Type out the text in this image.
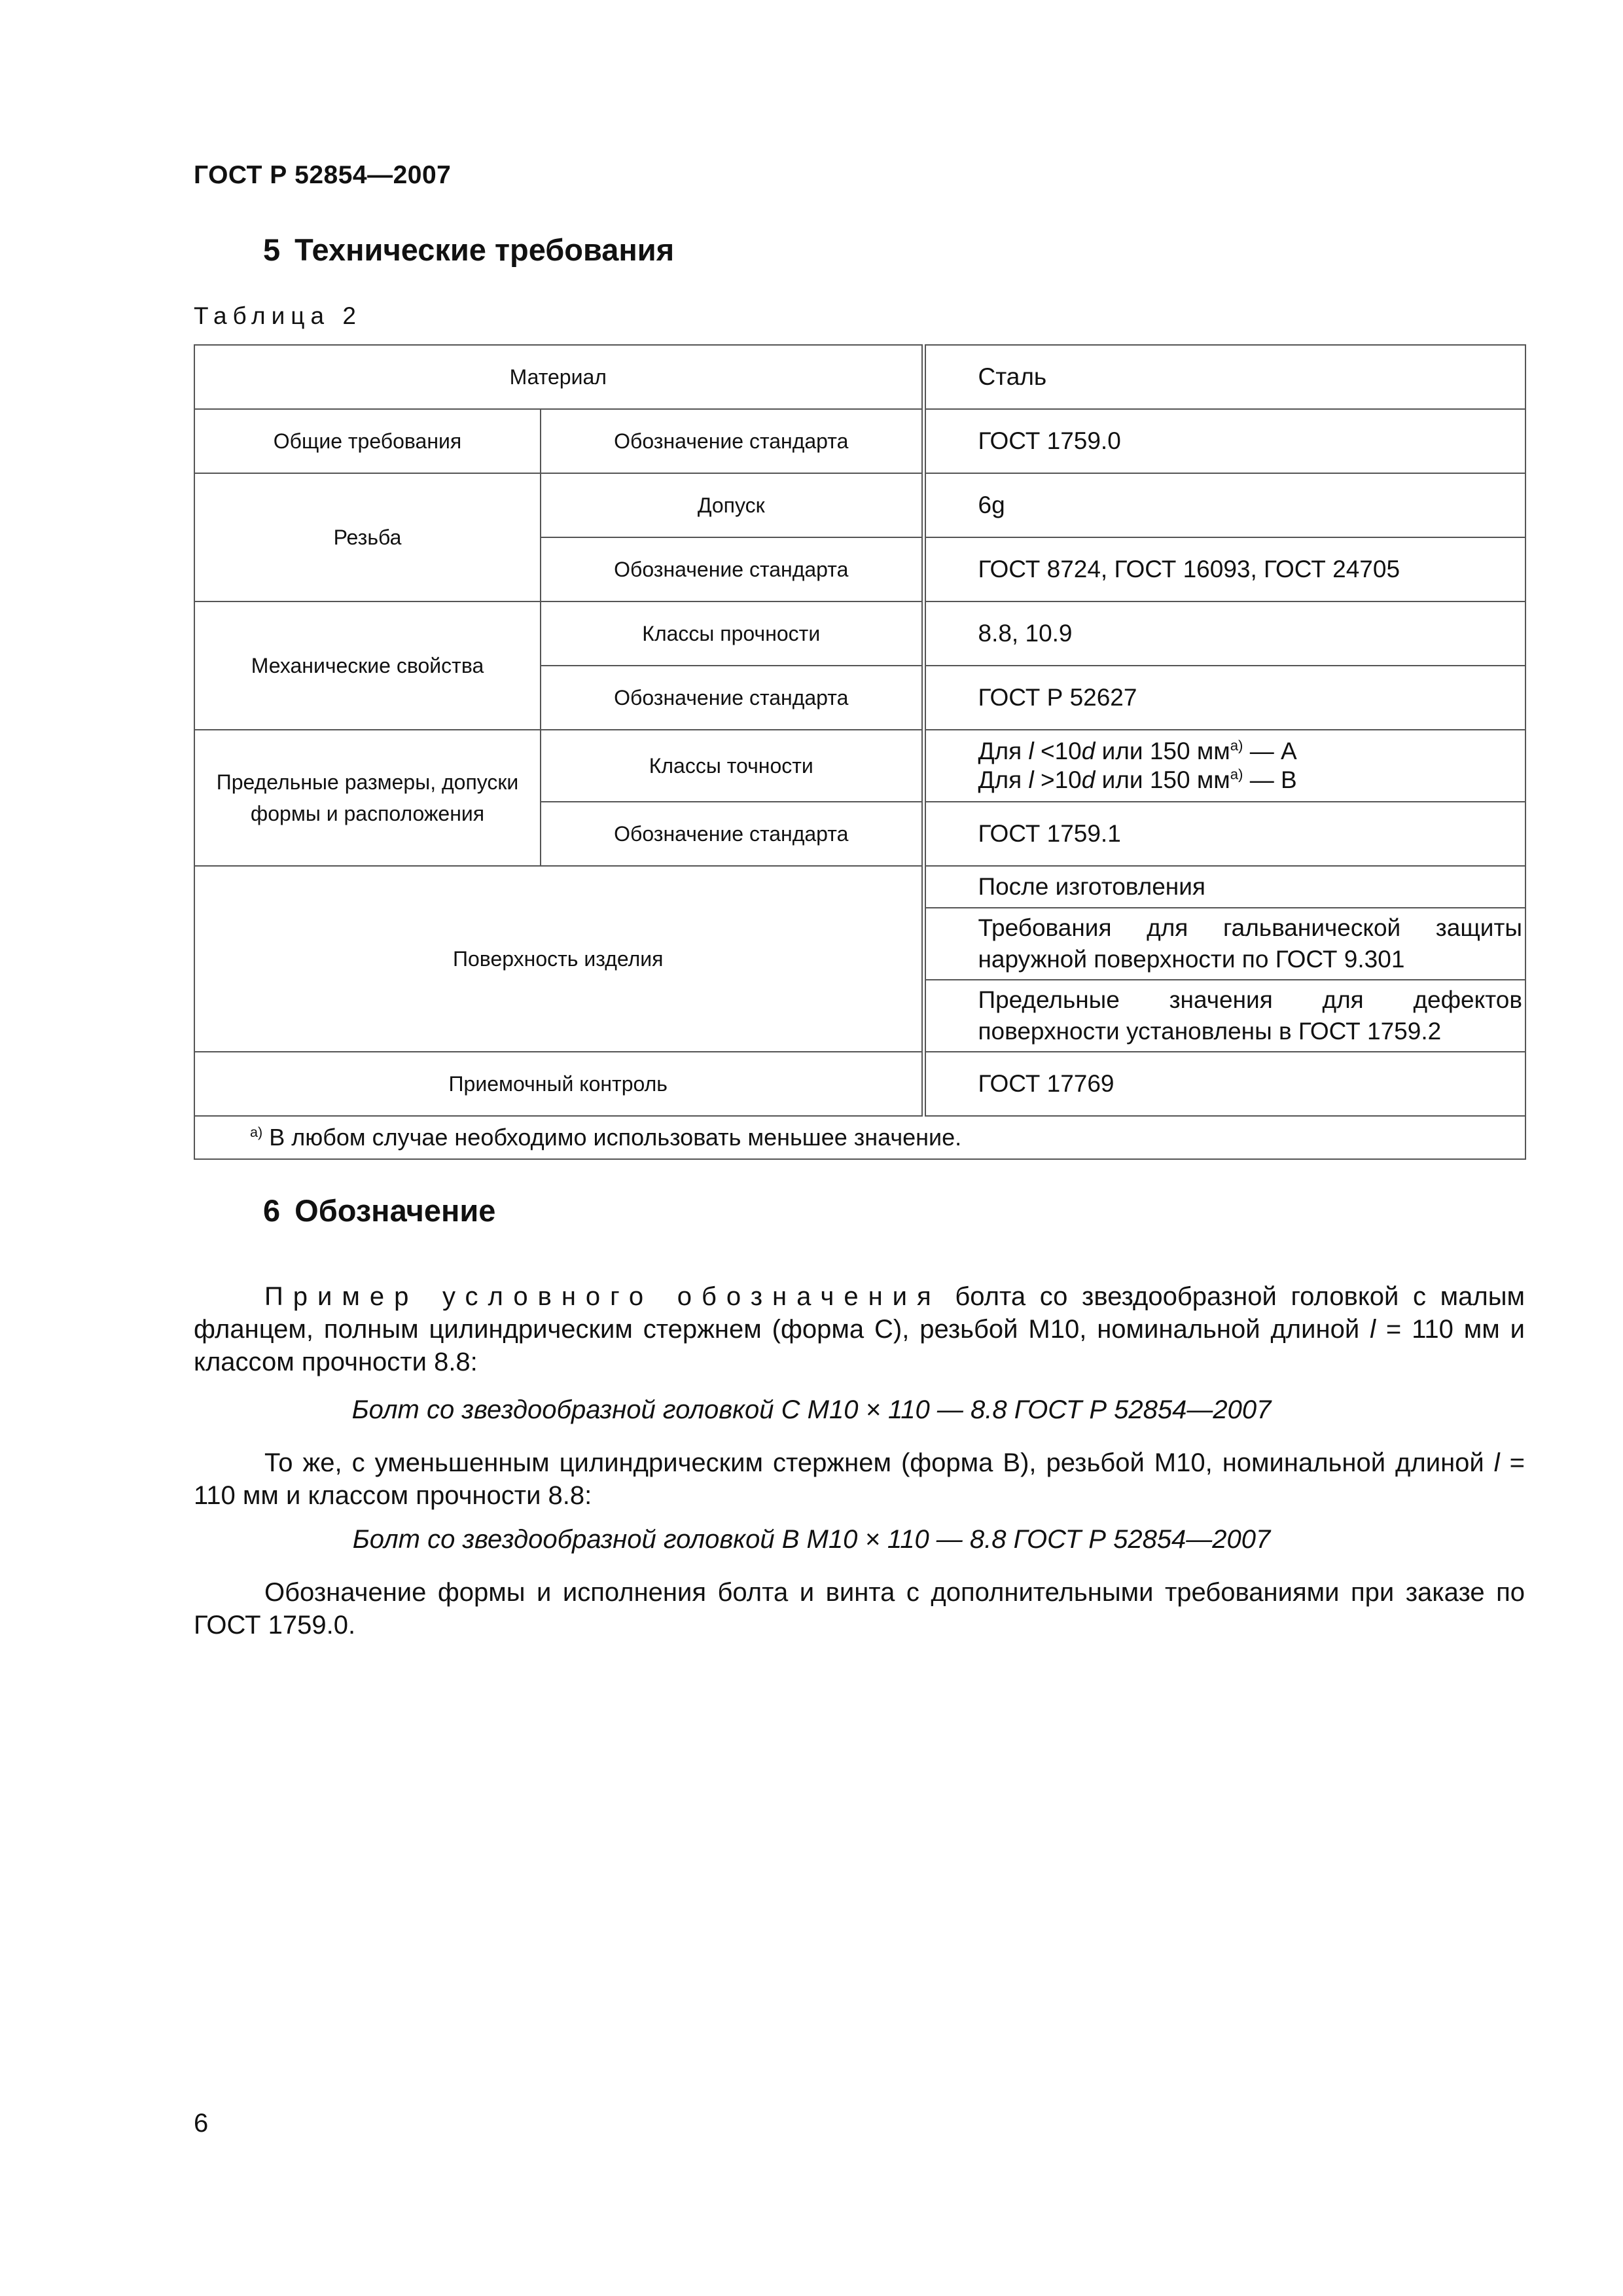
ГОСТ Р 52854—2007
5 Технические требования
Таблица 2
Материал		Сталь
Общие требования	Обозначение стандарта	ГОСТ 1759.0
Резьба	Допуск	6g
	Обозначение стандарта	ГОСТ 8724, ГОСТ 16093, ГОСТ 24705
Механические свойства	Классы прочности	8.8, 10.9
	Обозначение стандарта	ГОСТ Р 52627
Предельные размеры, допуски формы и расположения	Классы точности	Для l <10d или 150 $мм^{а)}$ — A
Для l >10d или 150 $мм^{а)}$ — B

	Обозначение стандарта	ГОСТ 1759.1
Поверхность изделия		После изготовления
		Требования для гальванической защиты наружной поверхности по ГОСТ 9.301
		Предельные значения для дефектов поверхности установлены в ГОСТ 1759.2
Приемочный контроль		ГОСТ 17769
$^{а)}$ В любом случае необходимо использовать меньшее значение.		
6 Обозначение
Пример условного обозначения болта со звездообразной головкой с малым фланцем, полным цилиндрическим стержнем (форма С), резьбой М10, номинальной длиной l = 110 мм и классом прочности 8.8:
Болт со звездообразной головкой С М10 × 110 — 8.8 ГОСТ Р 52854—2007
То же, с уменьшенным цилиндрическим стержнем (форма В), резьбой М10, номинальной длиной l = 110 мм и классом прочности 8.8:
Болт со звездообразной головкой В М10 × 110 — 8.8 ГОСТ Р 52854—2007
Обозначение формы и исполнения болта и винта с дополнительными требованиями при заказе по ГОСТ 1759.0.
6
